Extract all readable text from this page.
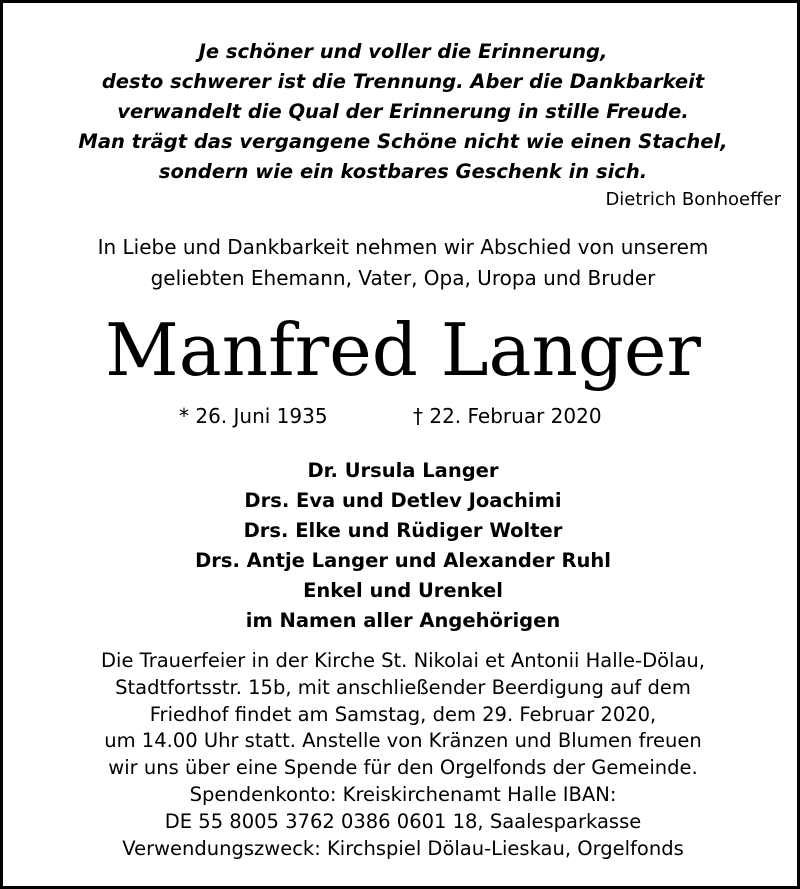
Je schöner und voller die Erinnerung,
desto schwerer ist die Trennung. Aber die Dankbarkeit
verwandelt die Qual der Erinnerung in stille Freude.
Man trägt das vergangene Schöne nicht wie einen Stachel,
sondern wie ein kostbares Geschenk in sich.
Dietrich Bonhoeffer
In Liebe und Dankbarkeit nehmen wir Abschied von unserem
geliebten Ehemann, Vater, Opa, Uropa und Bruder
Manfred Langer
* 26. Juni 1935	† 22. Februar 2020
Dr. Ursula Langer
Drs. Eva und Detlev Joachimi
Drs. Elke und Rüdiger Wolter
Drs. Antje Langer und Alexander Ruhl
Enkel und Urenkel
im Namen aller Angehörigen
Die Trauerfeier in der Kirche St. Nikolai et Antonii Halle-Dölau,
Stadtfortsstr. 15b, mit anschließender Beerdigung auf dem
Friedhof findet am Samstag, dem 29. Februar 2020,
um 14.00 Uhr statt. Anstelle von Kränzen und Blumen freuen
wir uns über eine Spende für den Orgelfonds der Gemeinde.
Spendenkonto: Kreiskirchenamt Halle IBAN:
DE 55 8005 3762 0386 0601 18, Saalesparkasse
Verwendungszweck: Kirchspiel Dölau-Lieskau, Orgelfonds
